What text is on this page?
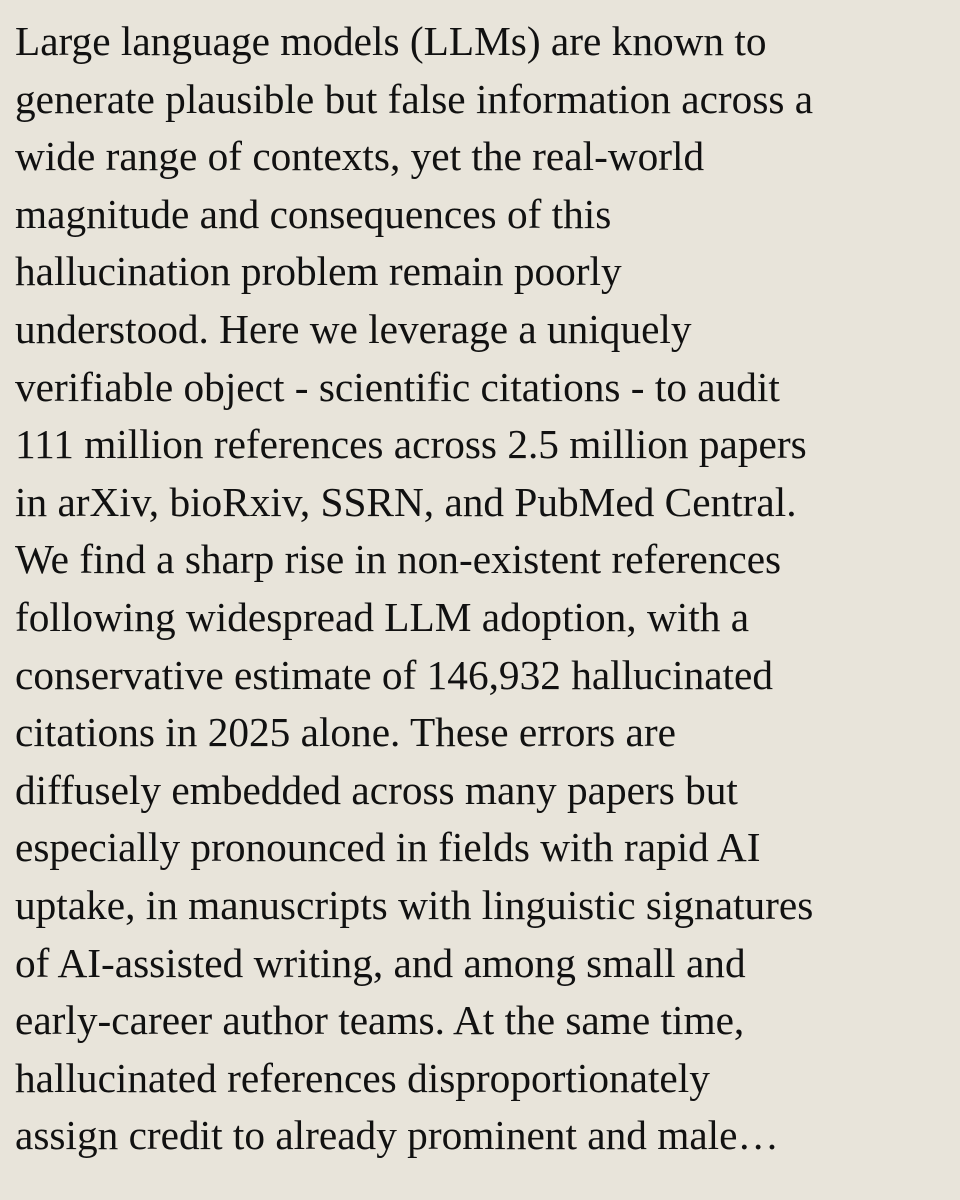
Large language models (LLMs) are known to
generate plausible but false information across a
wide range of contexts, yet the real-world
magnitude and consequences of this
hallucination problem remain poorly
understood. Here we leverage a uniquely
verifiable object - scientific citations - to audit
111 million references across 2.5 million papers
in arXiv, bioRxiv, SSRN, and PubMed Central.
We find a sharp rise in non-existent references
following widespread LLM adoption, with a
conservative estimate of 146,932 hallucinated
citations in 2025 alone. These errors are
diffusely embedded across many papers but
especially pronounced in fields with rapid AI
uptake, in manuscripts with linguistic signatures
of AI-assisted writing, and among small and
early-career author teams. At the same time,
hallucinated references disproportionately
assign credit to already prominent and male…
